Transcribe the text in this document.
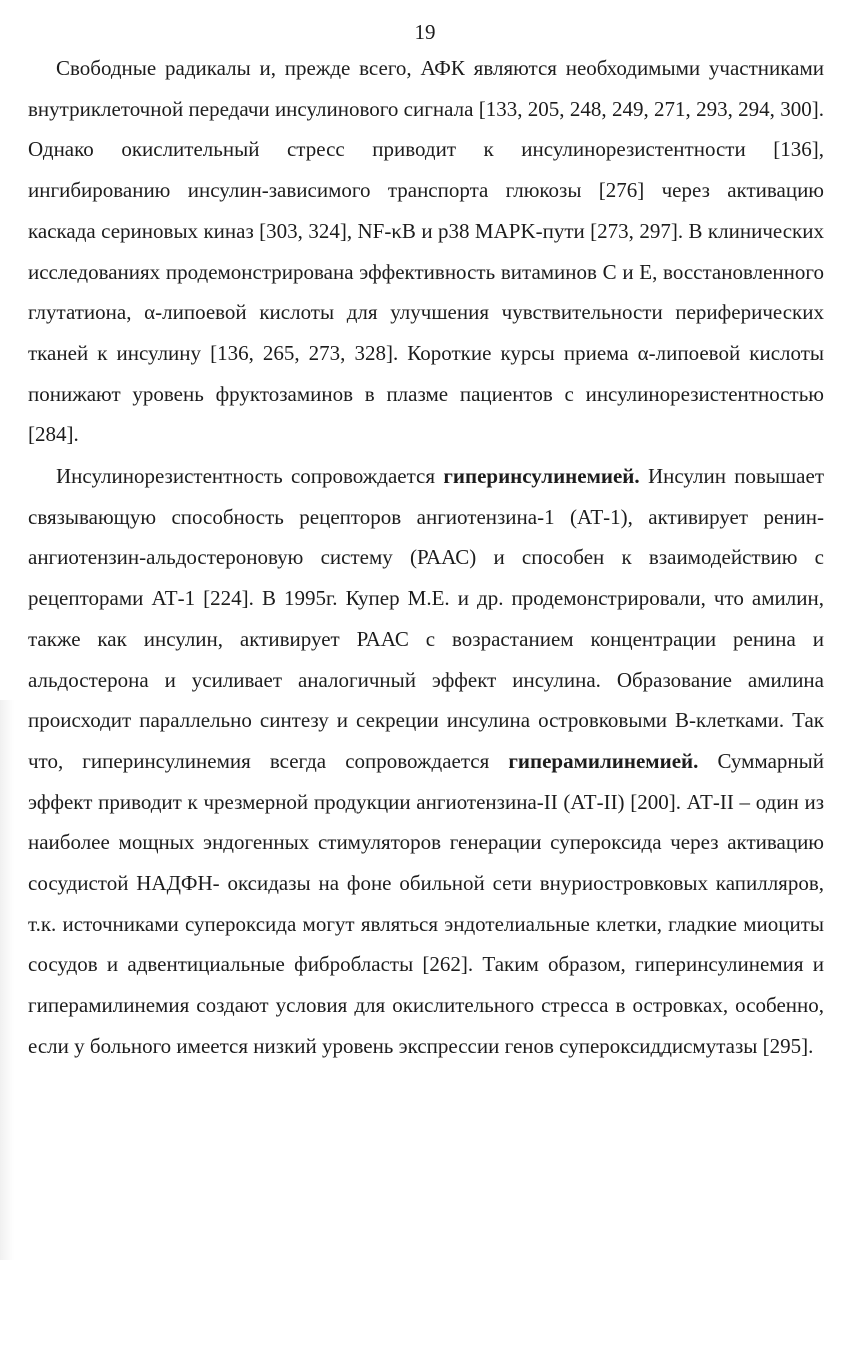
19

Свободные радикалы и, прежде всего, АФК являются необходимыми участниками внутриклеточной передачи инсулинового сигнала [133, 205, 248, 249, 271, 293, 294, 300]. Однако окислительный стресс приводит к инсулинорезистентности [136], ингибированию инсулин-зависимого транспорта глюкозы [276] через активацию каскада сериновых киназ [303, 324], NF-κB и p38 MAPK-пути [273, 297]. В клинических исследованиях продемонстрирована эффективность витаминов С и Е, восстановленного глутатиона, α-липоевой кислоты для улучшения чувствительности периферических тканей к инсулину [136, 265, 273, 328]. Короткие курсы приема α-липоевой кислоты понижают уровень фруктозаминов в плазме пациентов с инсулинорезистентностью [284].

Инсулинорезистентность сопровождается гиперинсулинемией. Инсулин повышает связывающую способность рецепторов ангиотензина-1 (АТ-1), активирует ренин-ангиотензин-альдостероновую систему (РААС) и способен к взаимодействию с рецепторами АТ-1 [224]. В 1995г. Купер М.Е. и др. продемонстрировали, что амилин, также как инсулин, активирует РААС с возрастанием концентрации ренина и альдостерона и усиливает аналогичный эффект инсулина. Образование амилина происходит параллельно синтезу и секреции инсулина островковыми В-клетками. Так что, гиперинсулинемия всегда сопровождается гиперамилинемией. Суммарный эффект приводит к чрезмерной продукции ангиотензина-II (АТ-II) [200]. АТ-II – один из наиболее мощных эндогенных стимуляторов генерации супероксида через активацию сосудистой НАДФН- оксидазы на фоне обильной сети внуриостровковых капилляров, т.к. источниками супероксида могут являться эндотелиальные клетки, гладкие миоциты сосудов и адвентициальные фибробласты [262]. Таким образом, гиперинсулинемия и гиперамилинемия создают условия для окислительного стресса в островках, особенно, если у больного имеется низкий уровень экспрессии генов супероксиддисмутазы [295].
